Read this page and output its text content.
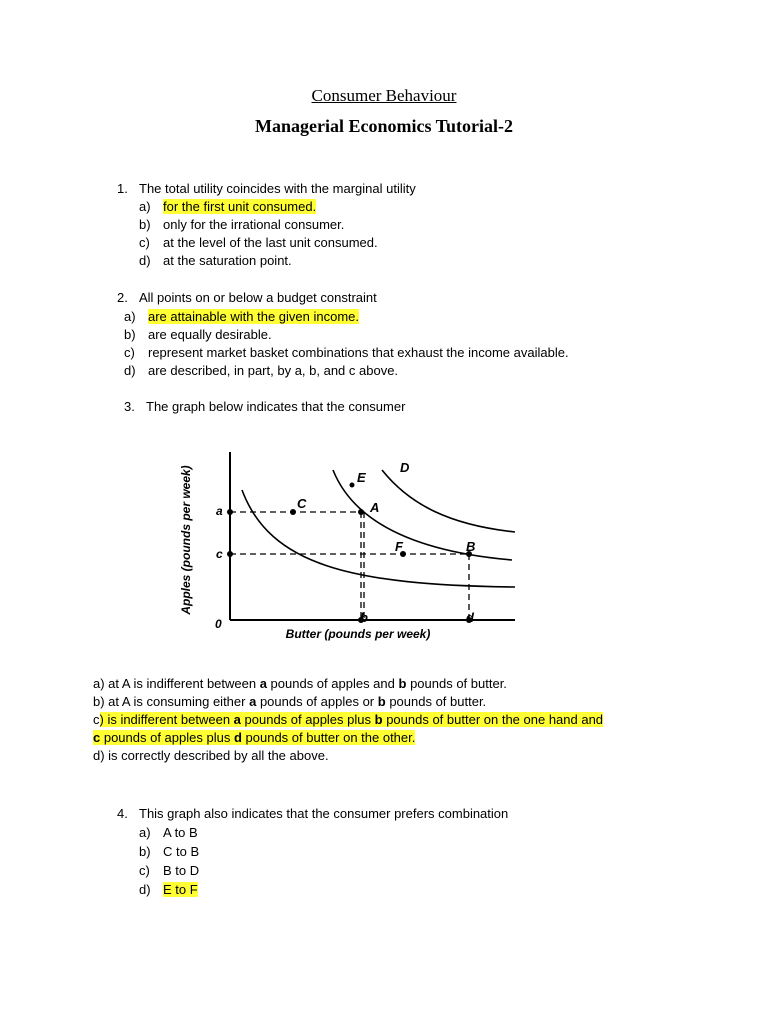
Consumer Behaviour
Managerial Economics Tutorial-2
1. The total utility coincides with the marginal utility
a) for the first unit consumed.
b) only for the irrational consumer.
c) at the level of the last unit consumed.
d) at the saturation point.
2. All points on or below a budget constraint
a) are attainable with the given income.
b) are equally desirable.
c) represent market basket combinations that exhaust the income available.
d) are described, in part, by a, b, and c above.
3. The graph below indicates that the consumer
Apples (pounds per week) a
c
0
Butter (pounds per week)
b	d
A
B
C
D
E
F
a) at A is indifferent between a pounds of apples and b pounds of butter.
b) at A is consuming either a pounds of apples or b pounds of butter.
c) is indifferent between a pounds of apples plus b pounds of butter on the one hand and
c pounds of apples plus d pounds of butter on the other.
d) is correctly described by all the above.
4. This graph also indicates that the consumer prefers combination
a) A to B
b) C to B
c) B to D
d) E to F
